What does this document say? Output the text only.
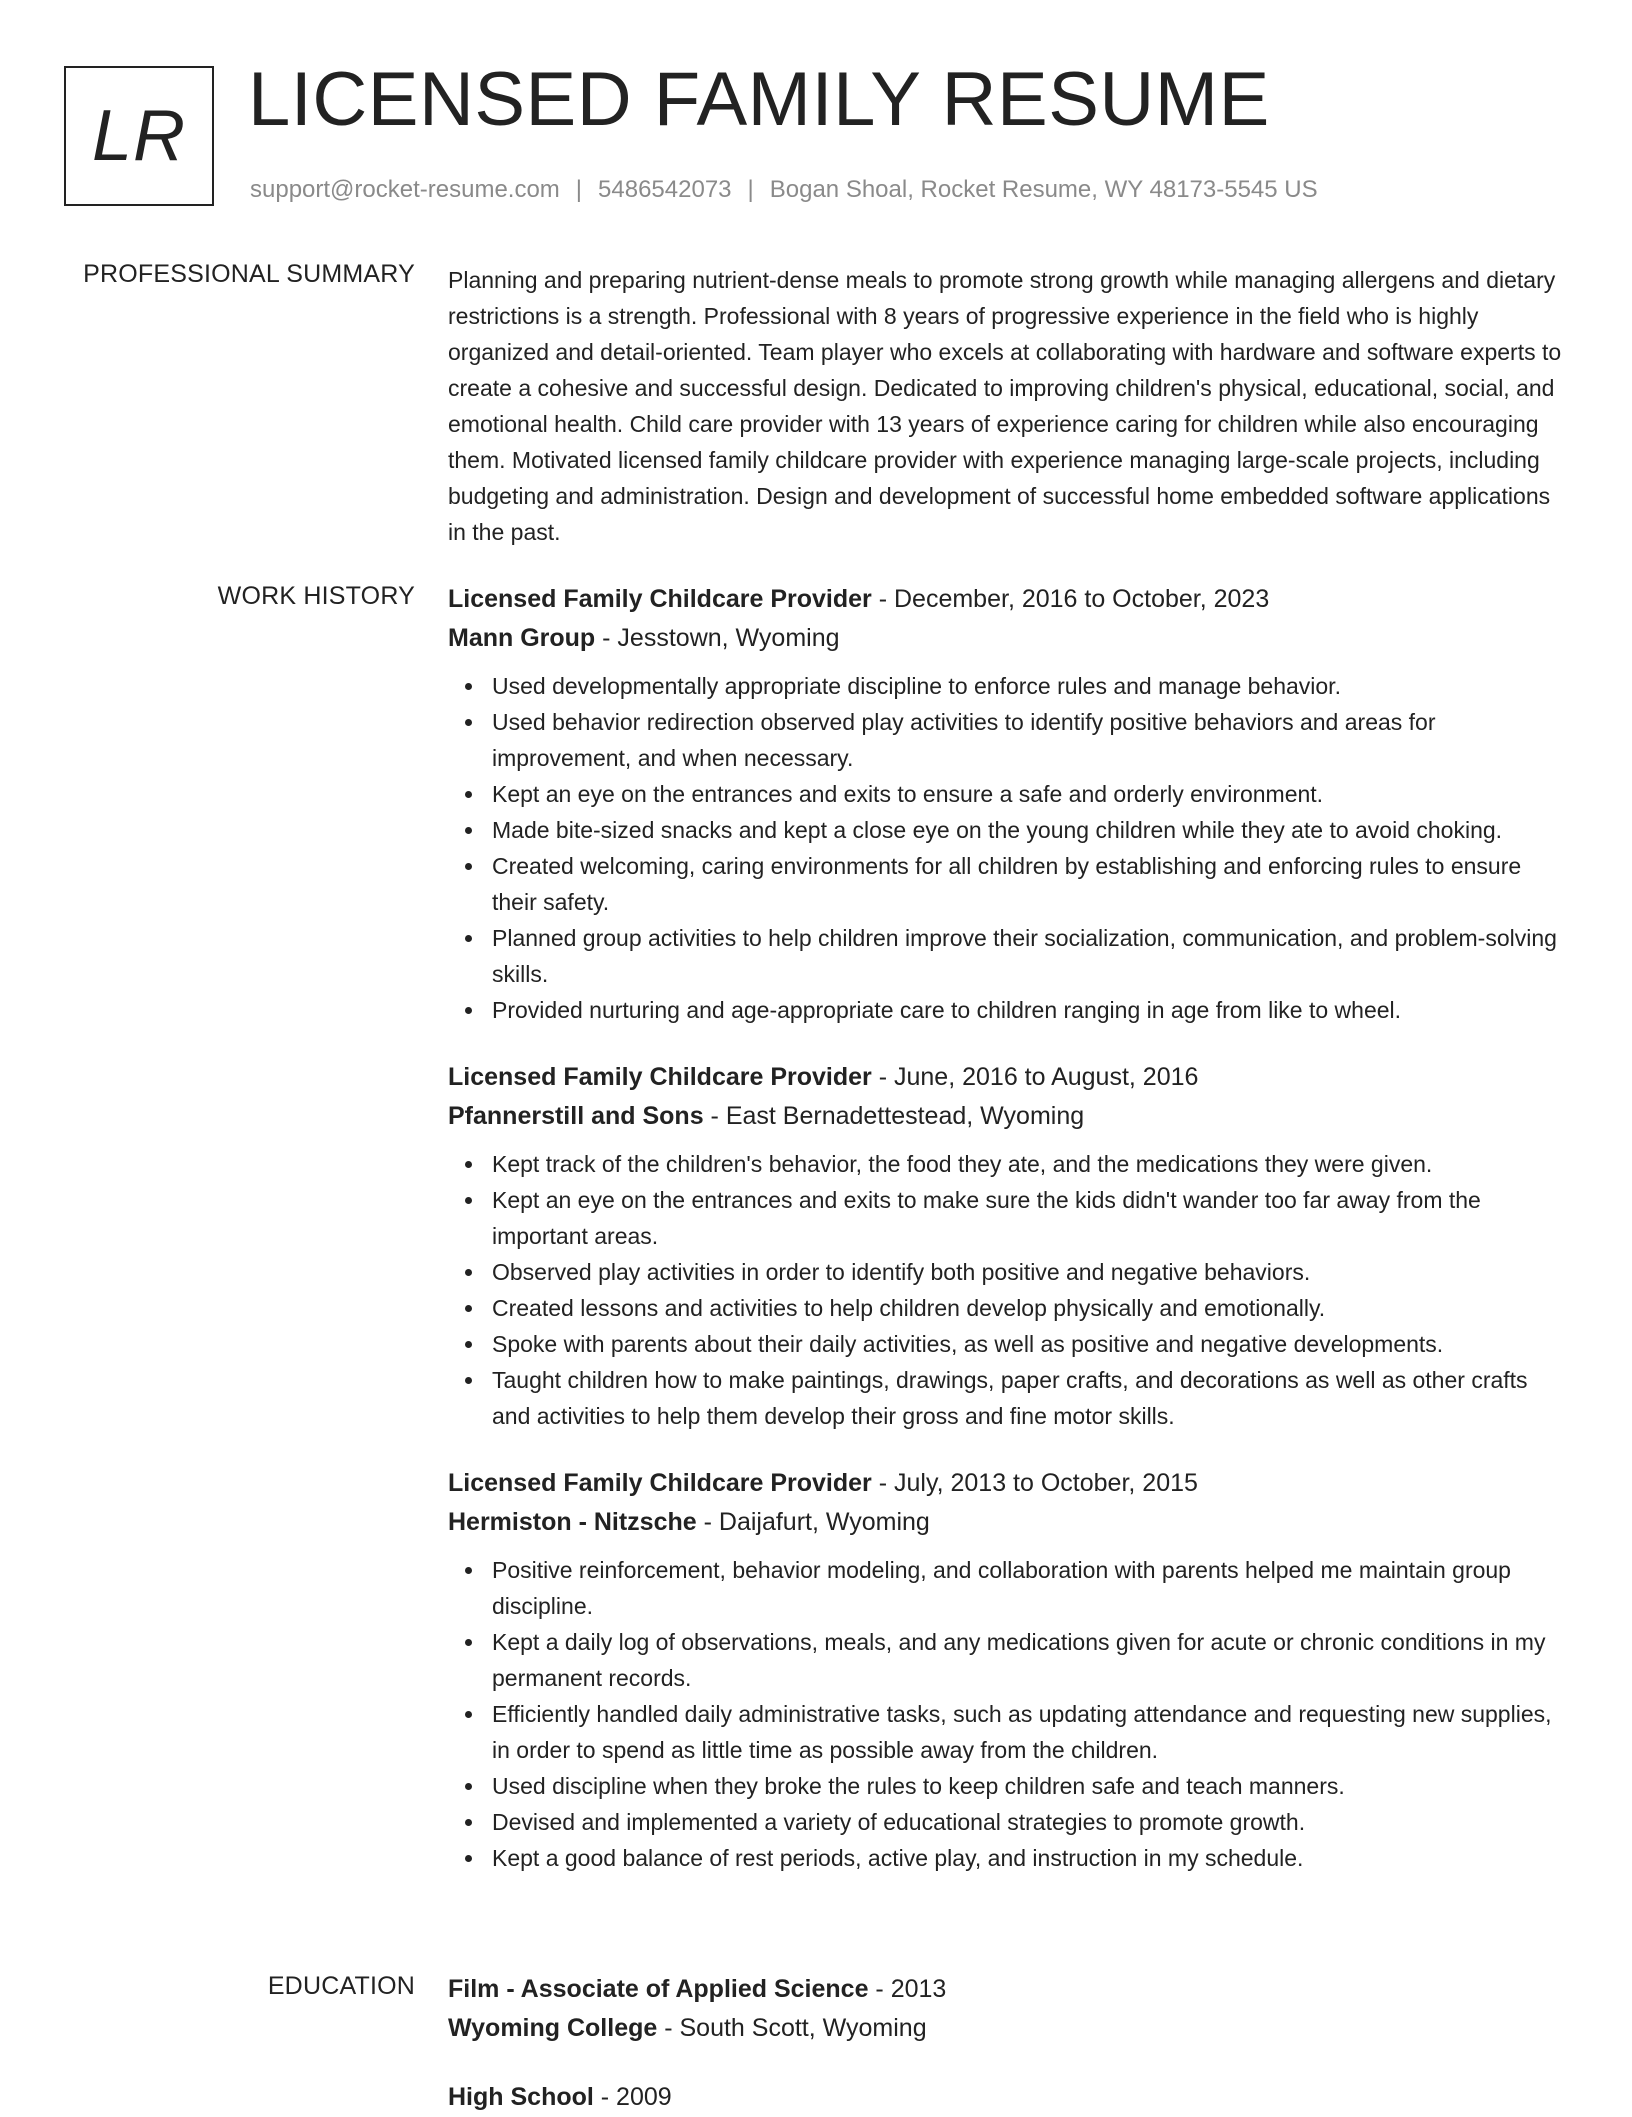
LR LICENSED FAMILY RESUME
support@rocket-resume.com | 5486542073 | Bogan Shoal, Rocket Resume, WY 48173-5545 US
PROFESSIONAL SUMMARY Planning and preparing nutrient-dense meals to promote strong growth while managing allergens and dietary restrictions is a strength. Professional with 8 years of progressive experience in the field who is highly organized and detail-oriented. Team player who excels at collaborating with hardware and software experts to create a cohesive and successful design. Dedicated to improving children's physical, educational, social, and emotional health. Child care provider with 13 years of experience caring for children while also encouraging them. Motivated licensed family childcare provider with experience managing large-scale projects, including budgeting and administration. Design and development of successful home embedded software applications in the past.

WORK HISTORY Licensed Family Childcare Provider - December, 2016 to October, 2023
Mann Group - Jesstown, Wyoming
Used developmentally appropriate discipline to enforce rules and manage behavior.
Used behavior redirection observed play activities to identify positive behaviors and areas for improvement, and when necessary.
Kept an eye on the entrances and exits to ensure a safe and orderly environment.
Made bite-sized snacks and kept a close eye on the young children while they ate to avoid choking.
Created welcoming, caring environments for all children by establishing and enforcing rules to ensure their safety.
Planned group activities to help children improve their socialization, communication, and problem-solving skills.
Provided nurturing and age-appropriate care to children ranging in age from like to wheel.
Licensed Family Childcare Provider - June, 2016 to August, 2016
Pfannerstill and Sons - East Bernadettestead, Wyoming
Kept track of the children's behavior, the food they ate, and the medications they were given.
Kept an eye on the entrances and exits to make sure the kids didn't wander too far away from the important areas.
Observed play activities in order to identify both positive and negative behaviors.
Created lessons and activities to help children develop physically and emotionally.
Spoke with parents about their daily activities, as well as positive and negative developments.
Taught children how to make paintings, drawings, paper crafts, and decorations as well as other crafts and activities to help them develop their gross and fine motor skills.
Licensed Family Childcare Provider - July, 2013 to October, 2015
Hermiston - Nitzsche - Daijafurt, Wyoming
Positive reinforcement, behavior modeling, and collaboration with parents helped me maintain group discipline.
Kept a daily log of observations, meals, and any medications given for acute or chronic conditions in my permanent records.
Efficiently handled daily administrative tasks, such as updating attendance and requesting new supplies, in order to spend as little time as possible away from the children.
Used discipline when they broke the rules to keep children safe and teach manners.
Devised and implemented a variety of educational strategies to promote growth.
Kept a good balance of rest periods, active play, and instruction in my schedule.
EDUCATION Film - Associate of Applied Science - 2013
Wyoming College - South Scott, Wyoming
High School - 2009
